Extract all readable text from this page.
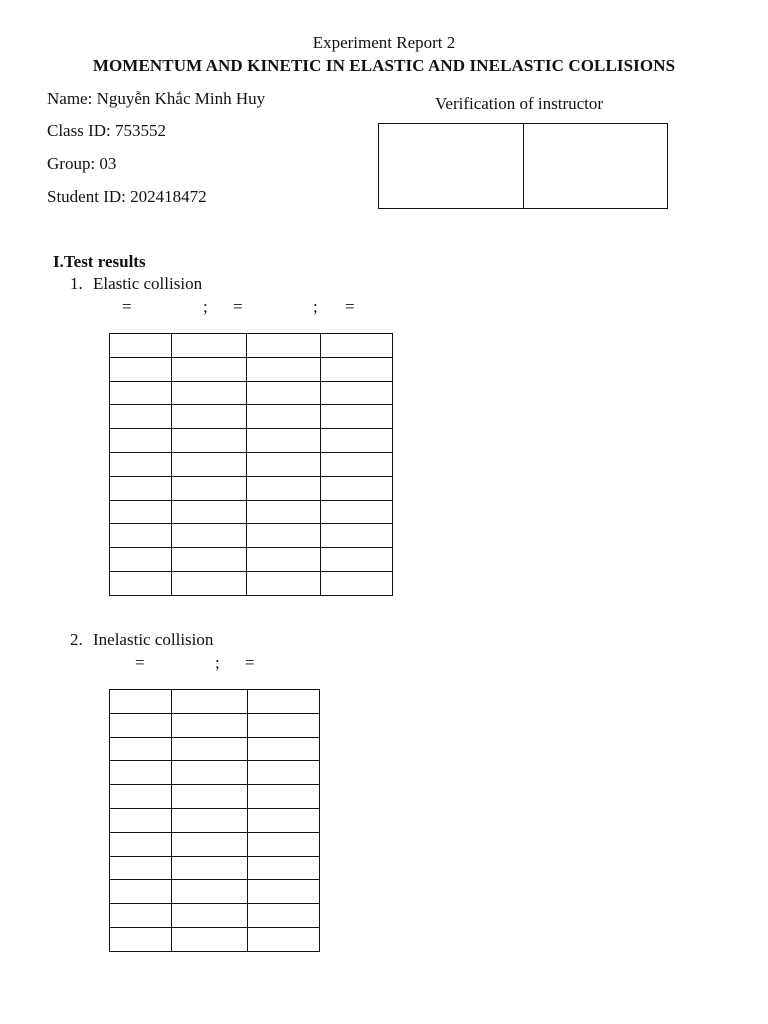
Experiment Report 2
MOMENTUM AND KINETIC IN ELASTIC AND INELASTIC COLLISIONS
Name: Nguyễn Khắc Minh Huy
Class ID: 753552
Group: 03
Student ID: 202418472
Verification of instructor
I.Test results
1. Elastic collision
=	; =	; =

2. Inelastic collision
=	; =
